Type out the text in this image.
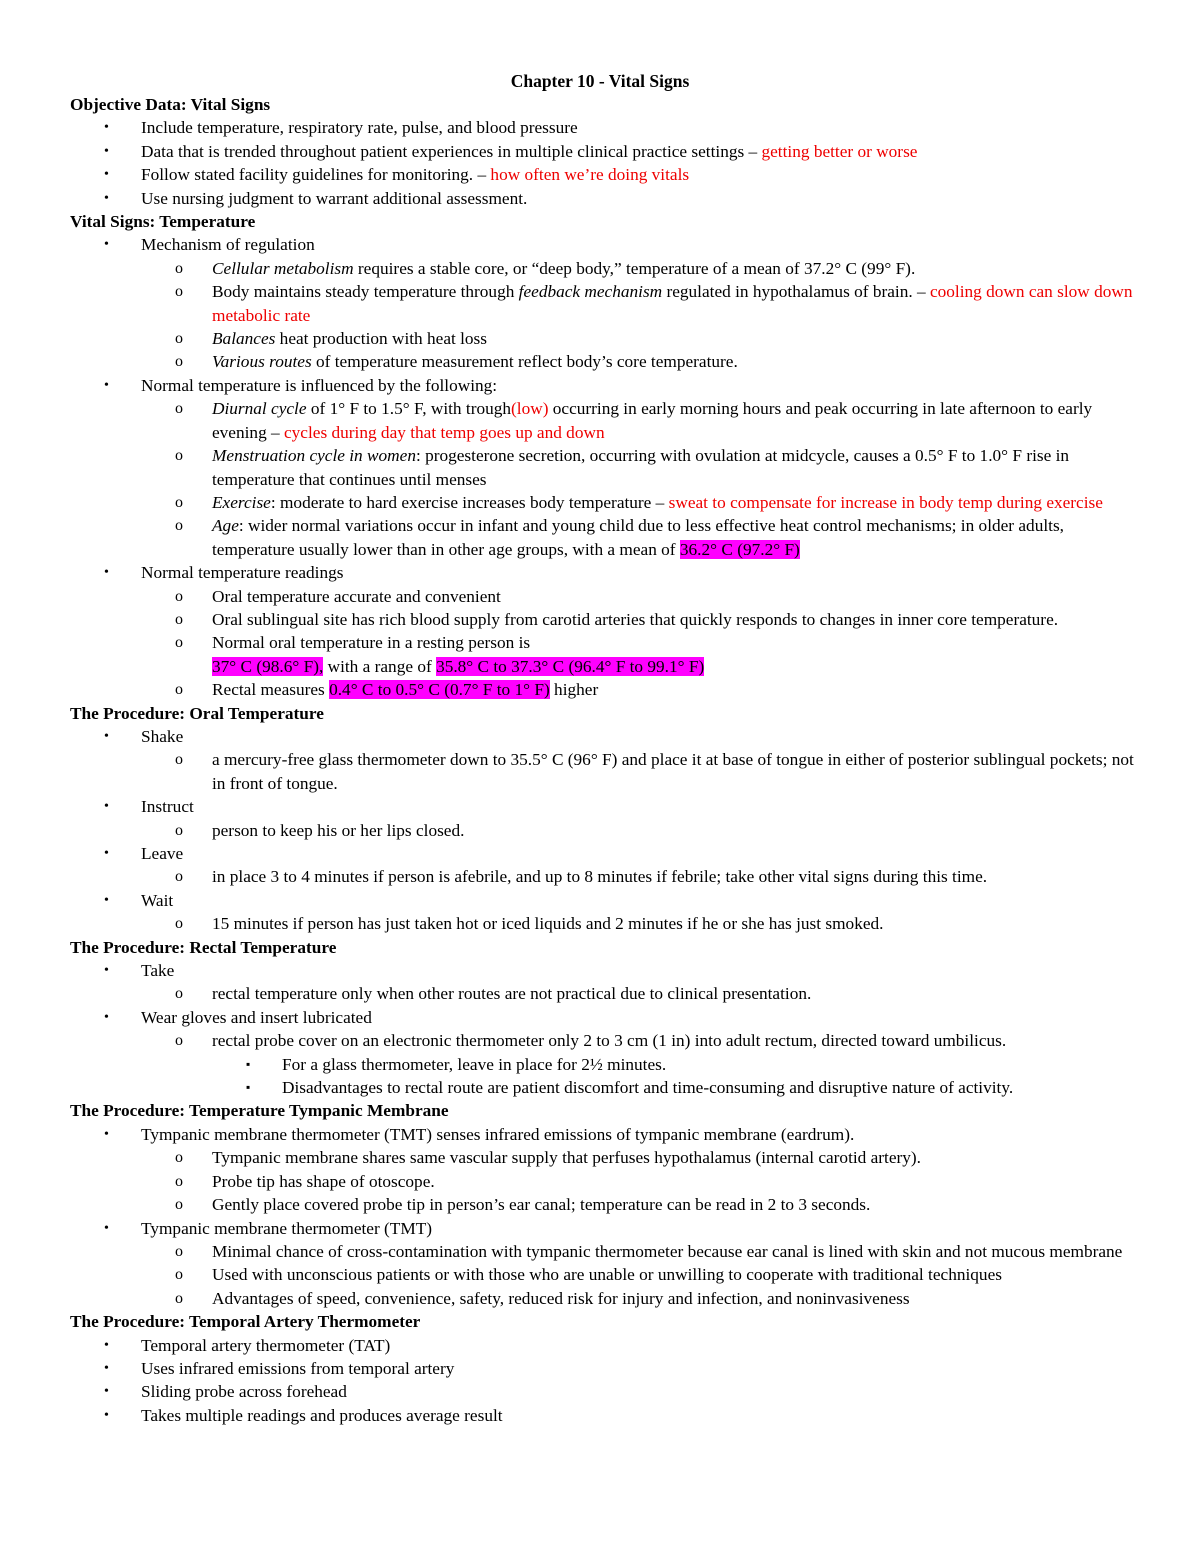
Chapter 10 - Vital Signs
Objective Data: Vital Signs
• Include temperature, respiratory rate, pulse, and blood pressure
• Data that is trended throughout patient experiences in multiple clinical practice settings – getting better or worse
• Follow stated facility guidelines for monitoring. – how often we’re doing vitals
• Use nursing judgment to warrant additional assessment.
Vital Signs: Temperature
• Mechanism of regulation
o Cellular metabolism requires a stable core, or “deep body,” temperature of a mean of 37.2° C (99° F).
o Body maintains steady temperature through feedback mechanism regulated in hypothalamus of brain. – cooling down can slow down metabolic rate
o Balances heat production with heat loss
o Various routes of temperature measurement reflect body’s core temperature.
• Normal temperature is influenced by the following:
o Diurnal cycle of 1° F to 1.5° F, with trough(low) occurring in early morning hours and peak occurring in late afternoon to early evening – cycles during day that temp goes up and down
o Menstruation cycle in women: progesterone secretion, occurring with ovulation at midcycle, causes a 0.5° F to 1.0° F rise in temperature that continues until menses
o Exercise: moderate to hard exercise increases body temperature – sweat to compensate for increase in body temp during exercise
o Age: wider normal variations occur in infant and young child due to less effective heat control mechanisms; in older adults, temperature usually lower than in other age groups, with a mean of 36.2° C (97.2° F)
• Normal temperature readings
o Oral temperature accurate and convenient
o Oral sublingual site has rich blood supply from carotid arteries that quickly responds to changes in inner core temperature.
o Normal oral temperature in a resting person is
37° C (98.6° F), with a range of 35.8° C to 37.3° C (96.4° F to 99.1° F)
o Rectal measures 0.4° C to 0.5° C (0.7° F to 1° F) higher
The Procedure: Oral Temperature
• Shake
o a mercury-free glass thermometer down to 35.5° C (96° F) and place it at base of tongue in either of posterior sublingual pockets; not in front of tongue.
• Instruct
o person to keep his or her lips closed.
• Leave
o in place 3 to 4 minutes if person is afebrile, and up to 8 minutes if febrile; take other vital signs during this time.
• Wait
o 15 minutes if person has just taken hot or iced liquids and 2 minutes if he or she has just smoked.
The Procedure: Rectal Temperature
• Take
o rectal temperature only when other routes are not practical due to clinical presentation.
• Wear gloves and insert lubricated
o rectal probe cover on an electronic thermometer only 2 to 3 cm (1 in) into adult rectum, directed toward umbilicus.
▪ For a glass thermometer, leave in place for 2½ minutes.
▪ Disadvantages to rectal route are patient discomfort and time-consuming and disruptive nature of activity.
The Procedure: Temperature Tympanic Membrane
• Tympanic membrane thermometer (TMT) senses infrared emissions of tympanic membrane (eardrum).
o Tympanic membrane shares same vascular supply that perfuses hypothalamus (internal carotid artery).
o Probe tip has shape of otoscope.
o Gently place covered probe tip in person’s ear canal; temperature can be read in 2 to 3 seconds.
• Tympanic membrane thermometer (TMT)
o Minimal chance of cross-contamination with tympanic thermometer because ear canal is lined with skin and not mucous membrane
o Used with unconscious patients or with those who are unable or unwilling to cooperate with traditional techniques
o Advantages of speed, convenience, safety, reduced risk for injury and infection, and noninvasiveness
The Procedure: Temporal Artery Thermometer
• Temporal artery thermometer (TAT)
• Uses infrared emissions from temporal artery
• Sliding probe across forehead
• Takes multiple readings and produces average result
